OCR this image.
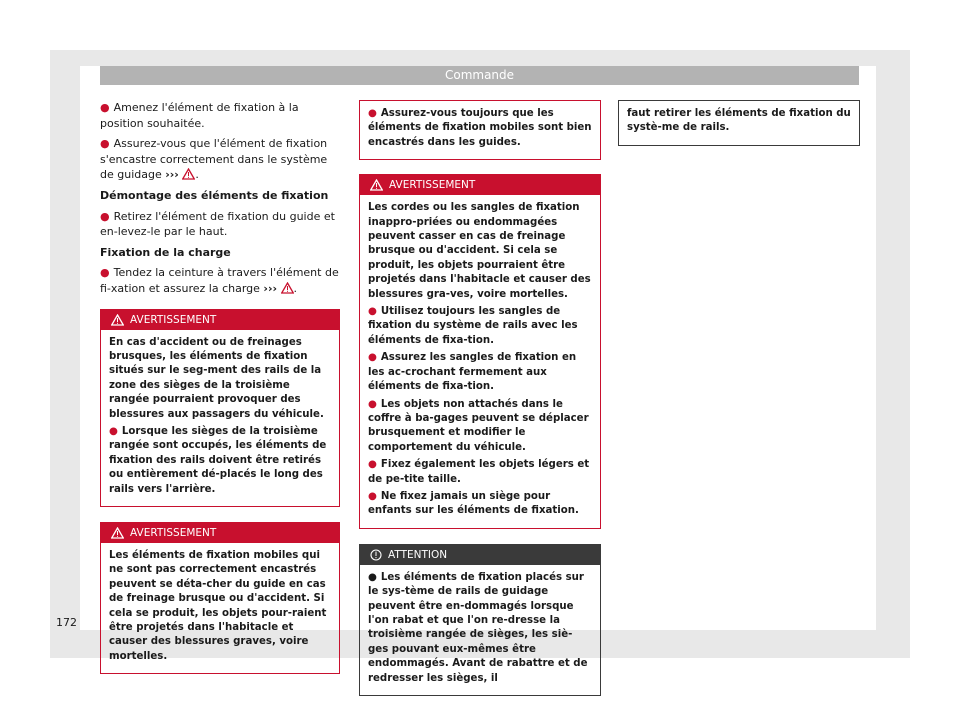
Commande

● Amenez l'élément de fixation à la position souhaitée.

● Assurez-vous que l'élément de fixation s'encastre correctement dans le système de guidage ››› .

Démontage des éléments de fixation

● Retirez l'élément de fixation du guide et en-levez-le par le haut.

Fixation de la charge

● Tendez la ceinture à travers l'élément de fi-xation et assurez la charge ››› .

AVERTISSEMENT

En cas d'accident ou de freinages brusques, les éléments de fixation situés sur le seg-ment des rails de la zone des sièges de la troisième rangée pourraient provoquer des blessures aux passagers du véhicule.

● Lorsque les sièges de la troisième rangée sont occupés, les éléments de fixation des rails doivent être retirés ou entièrement dé-placés le long des rails vers l'arrière.

AVERTISSEMENT

Les éléments de fixation mobiles qui ne sont pas correctement encastrés peuvent se déta-cher du guide en cas de freinage brusque ou d'accident. Si cela se produit, les objets pour-raient être projetés dans l'habitacle et causer des blessures graves, voire mortelles.

● Assurez-vous toujours que les éléments de fixation mobiles sont bien encastrés dans les guides.

AVERTISSEMENT

Les cordes ou les sangles de fixation inappro-priées ou endommagées peuvent casser en cas de freinage brusque ou d'accident. Si cela se produit, les objets pourraient être projetés dans l'habitacle et causer des blessures gra-ves, voire mortelles.

● Utilisez toujours les sangles de fixation du système de rails avec les éléments de fixa-tion.

● Assurez les sangles de fixation en les ac-crochant fermement aux éléments de fixa-tion.

● Les objets non attachés dans le coffre à ba-gages peuvent se déplacer brusquement et modifier le comportement du véhicule.

● Fixez également les objets légers et de pe-tite taille.

● Ne fixez jamais un siège pour enfants sur les éléments de fixation.

ATTENTION

● Les éléments de fixation placés sur le sys-tème de rails de guidage peuvent être en-dommagés lorsque l'on rabat et que l'on re-dresse la troisième rangée de sièges, les siè-ges pouvant eux-mêmes être endommagés. Avant de rabattre et de redresser les sièges, il

faut retirer les éléments de fixation du systè-me de rails.

172
